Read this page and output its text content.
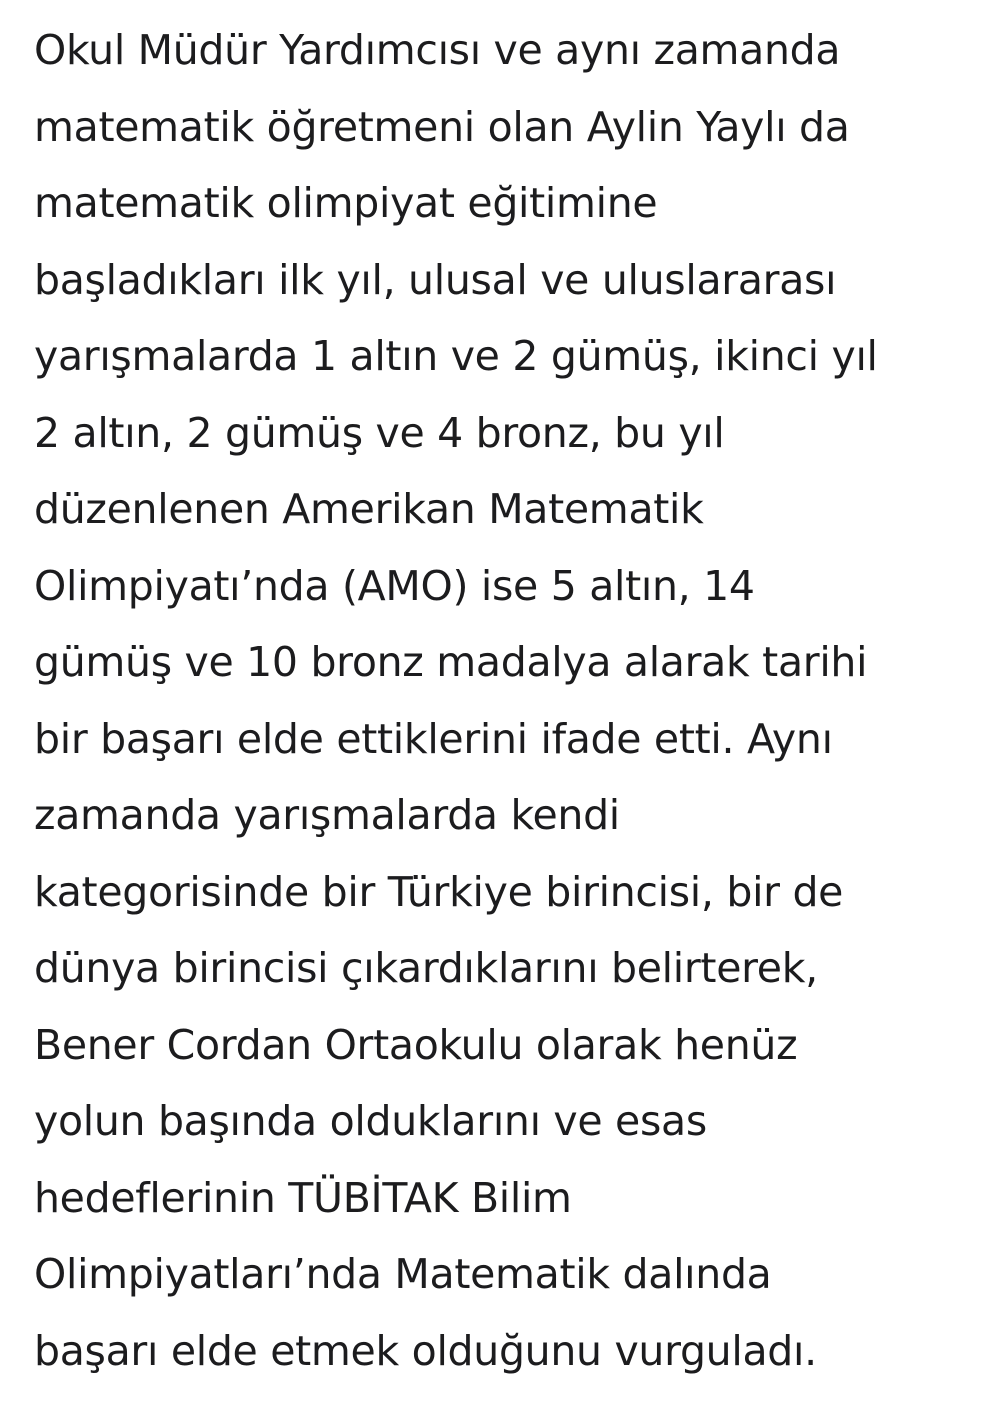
Okul Müdür Yardımcısı ve aynı zamanda
matematik öğretmeni olan Aylin Yaylı da
matematik olimpiyat eğitimine
başladıkları ilk yıl, ulusal ve uluslararası
yarışmalarda 1 altın ve 2 gümüş, ikinci yıl
2 altın, 2 gümüş ve 4 bronz, bu yıl
düzenlenen Amerikan Matematik
Olimpiyatı’nda (AMO) ise 5 altın, 14
gümüş ve 10 bronz madalya alarak tarihi
bir başarı elde ettiklerini ifade etti. Aynı
zamanda yarışmalarda kendi
kategorisinde bir Türkiye birincisi, bir de
dünya birincisi çıkardıklarını belirterek,
Bener Cordan Ortaokulu olarak henüz
yolun başında olduklarını ve esas
hedeflerinin TÜBİTAK Bilim
Olimpiyatları’nda Matematik dalında
başarı elde etmek olduğunu vurguladı.
